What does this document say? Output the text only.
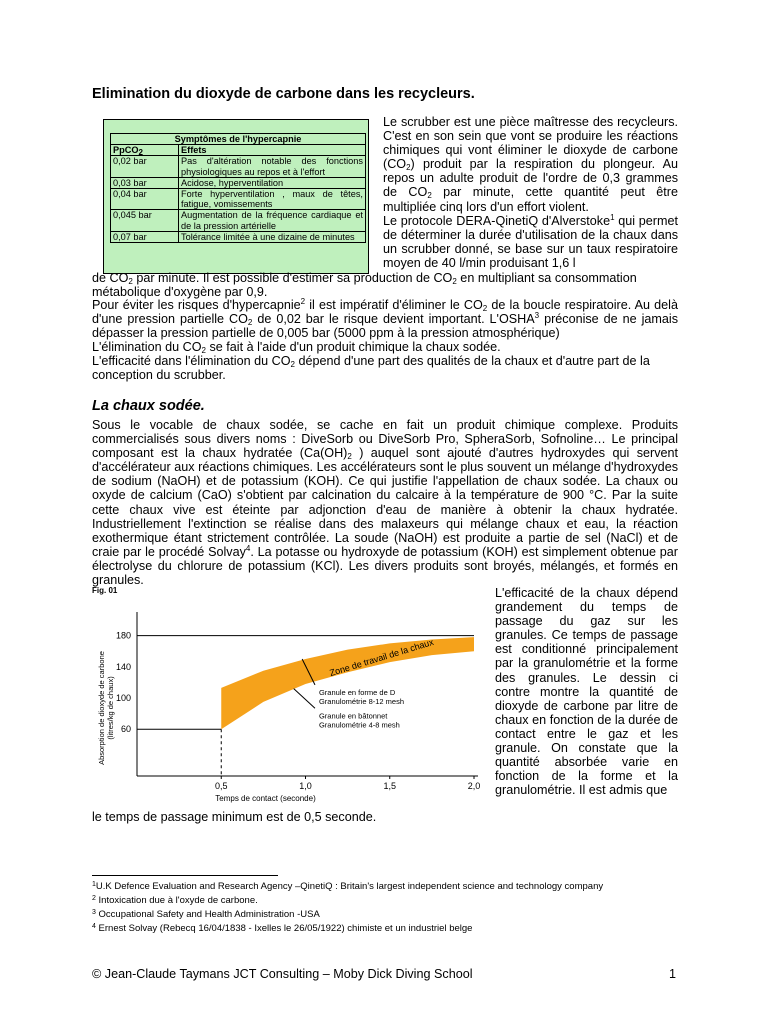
Elimination du dioxyde de carbone dans les recycleurs.
Symptômes de l'hypercapnie	
PpCO$_2$	Effets
0,02 bar	Pas d'altération notable des fonctions physiologiques au repos et à l'effort
0,03 bar	Acidose, hyperventilation
0,04 bar	Forte hyperventilation , maux de têtes, fatigue, vomissements
0,045 bar	Augmentation de la fréquence cardiaque et de la pression artérielle
0,07 bar	Tolérance limitée à une dizaine de minutes

Le scrubber est une pièce maîtresse des recycleurs. C'est en son sein que vont se produire les réactions chimiques qui vont éliminer le dioxyde de carbone $(CO_2)$ produit par la respiration du plongeur. Au repos un adulte produit de l'ordre de 0,3 grammes de $CO_2$ par minute, cette quantité peut être multipliée cinq lors d'un effort violent.

Le protocole DERA-QinetiQ d'Alverstoke$^1$ qui permet de déterminer la durée d'utilisation de la chaux dans un scrubber donné, se base sur un taux respiratoire moyen de 40 l/min produisant 1,6 l

de $CO_2$ par minute. Il est possible d'estimer sa production de $CO_2$ en multipliant sa consommation
métabolique d'oxygène par 0,9.

Pour éviter les risques d'hypercapnie$^2$ il est impératif d'éliminer le $CO_2$ de la boucle respiratoire. Au delà d'une pression partielle $CO_2$ de 0,02 bar le risque devient important. L'OSHA$^3$ préconise de ne jamais dépasser la pression partielle de 0,005 bar (5000 ppm à la pression atmosphérique)

L'élimination du $CO_2$ se fait à l'aide d'un produit chimique la chaux sodée.

L'efficacité dans l'élimination du $CO_2$ dépend d'une part des qualités de la chaux et d'autre part de la conception du scrubber.

La chaux sodée.

Sous le vocable de chaux sodée, se cache en fait un produit chimique complexe. Produits commercialisés sous divers noms : DiveSorb ou DiveSorb Pro, SpheraSorb, Sofnoline… Le principal composant est la chaux hydratée ($Ca(OH)_2$ ) auquel sont ajouté d'autres hydroxydes qui servent d'accélérateur aux réactions chimiques. Les accélérateurs sont le plus souvent un mélange d'hydroxydes de sodium (NaOH) et de potassium (KOH). Ce qui justifie l'appellation de chaux sodée. La chaux ou oxyde de calcium (CaO) s'obtient par calcination du calcaire à la température de 900 °C. Par la suite cette chaux vive est éteinte par adjonction d'eau de manière à obtenir la chaux hydratée. Industriellement l'extinction se réalise dans des malaxeurs qui mélange chaux et eau, la réaction exothermique étant strictement contrôlée. La soude (NaOH) est produite a partie de sel (NaCl) et de craie par le procédé Solvay$^4$. La potasse ou hydroxyde de potassium (KOH) est simplement obtenue par électrolyse du chlorure de potassium (KCl). Les divers produits sont broyés, mélangés, et formés en granules.

L'efficacité de la chaux dépend grandement du temps de passage du gaz sur les granules. Ce temps de passage est conditionné principalement par la granulométrie et la forme des granules. Le dessin ci contre montre la quantité de dioxyde de carbone par litre de chaux en fonction de la durée de contact entre le gaz et les granule. On constate que la quantité absorbée varie en fonction de la forme et la granulométrie. Il est admis que

Fig. 01
60
100
140
180
0,5	1,0	1,5	2,0
Temps de contact (seconde)
Absorption de dioxyde de carbone (litres/kg de chaux)
Zone de travail de la chaux
Granule en forme de D
Granulométrie 8-12 mesh
Granule en bâtonnet
Granulométrie 4-8 mesh
le temps de passage minimum est de 0,5 seconde.
$^1$U.K Defence Evaluation and Research Agency –QinetiQ : Britain's largest independent science and technology company
$^2$ Intoxication due à l'oxyde de carbone.
$^3$ Occupational Safety and Health Administration -USA
$^4$ Ernest Solvay (Rebecq 16/04/1838 - Ixelles le 26/05/1922) chimiste et un industriel belge
© Jean-Claude Taymans JCT Consulting – Moby Dick Diving School	1
